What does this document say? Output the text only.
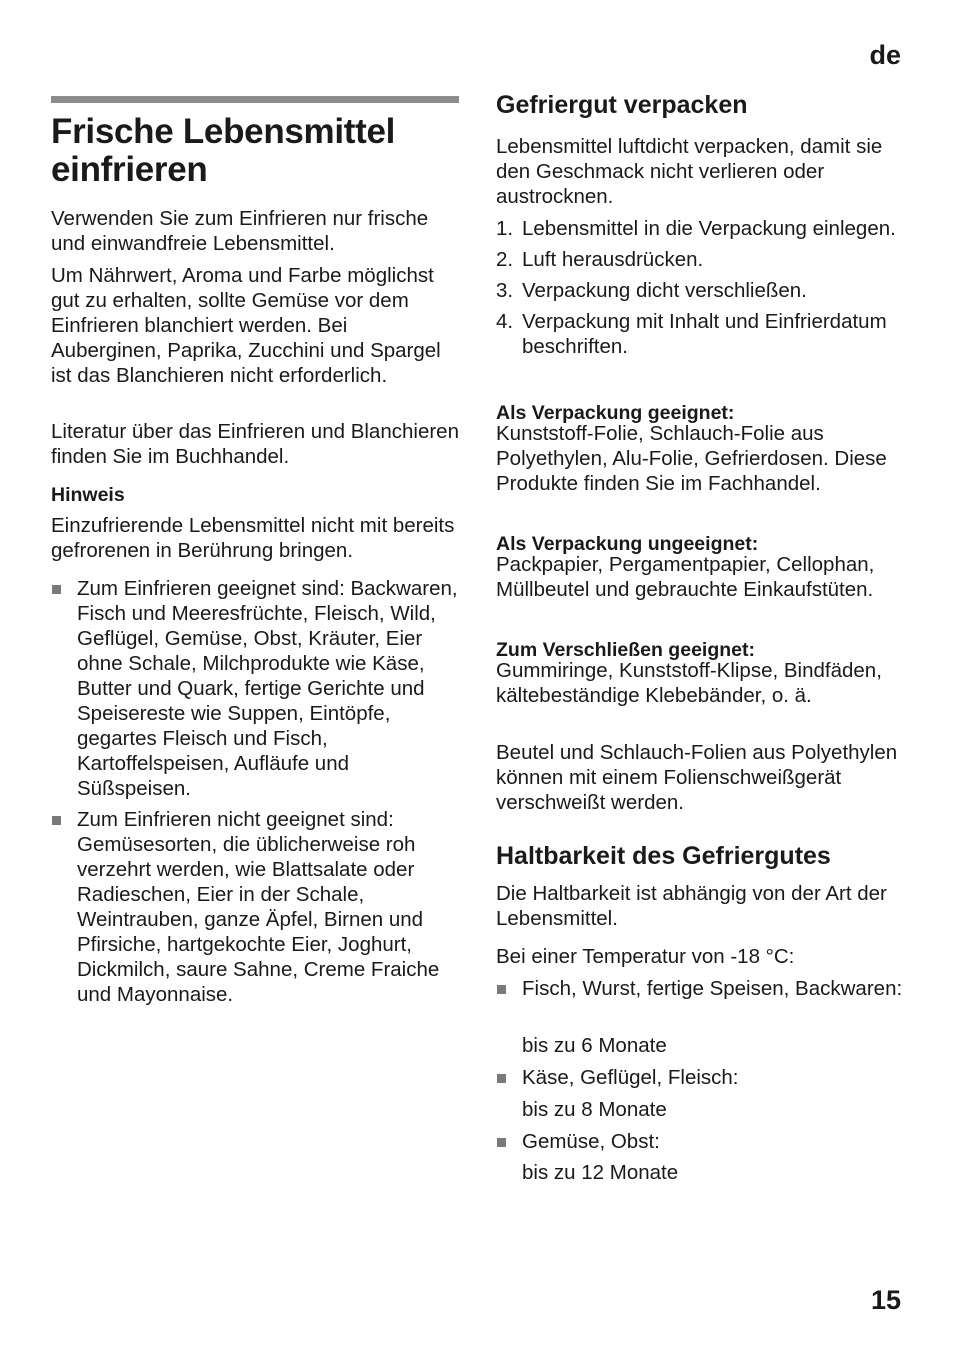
de
Frische Lebensmittel einfrieren

Verwenden Sie zum Einfrieren nur frische und einwandfreie Lebensmittel.

Um Nährwert, Aroma und Farbe möglichst gut zu erhalten, sollte Gemüse vor dem Einfrieren blanchiert werden. Bei Auberginen, Paprika, Zucchini und Spargel ist das Blanchieren nicht erforderlich.

Literatur über das Einfrieren und Blanchieren finden Sie im Buchhandel.

Hinweis

Einzufrierende Lebensmittel nicht mit bereits gefrorenen in Berührung bringen.

Zum Einfrieren geeignet sind: Backwaren, Fisch und Meeresfrüchte, Fleisch, Wild, Geflügel, Gemüse, Obst, Kräuter, Eier ohne Schale, Milchprodukte wie Käse, Butter und Quark, fertige Gerichte und Speisereste wie Suppen, Eintöpfe, gegartes Fleisch und Fisch, Kartoffelspeisen, Aufläufe und Süßspeisen.
Zum Einfrieren nicht geeignet sind: Gemüsesorten, die üblicherweise roh verzehrt werden, wie Blattsalate oder Radieschen, Eier in der Schale, Weintrauben, ganze Äpfel, Birnen und Pfirsiche, hartgekochte Eier, Joghurt, Dickmilch, saure Sahne, Creme Fraiche und Mayonnaise.
Gefriergut verpacken

Lebensmittel luftdicht verpacken, damit sie den Geschmack nicht verlieren oder austrocknen.

1. Lebensmittel in die Verpackung einlegen.
2. Luft herausdrücken.
3. Verpackung dicht verschließen.
4. Verpackung mit Inhalt und Einfrierdatum beschriften.
Als Verpackung geeignet:

Kunststoff-Folie, Schlauch-Folie aus Polyethylen, Alu-Folie, Gefrierdosen. Diese Produkte finden Sie im Fachhandel.

Als Verpackung ungeeignet:

Packpapier, Pergamentpapier, Cellophan, Müllbeutel und gebrauchte Einkaufstüten.

Zum Verschließen geeignet:

Gummiringe, Kunststoff-Klipse, Bindfäden, kältebeständige Klebebänder, o. ä.

Beutel und Schlauch-Folien aus Polyethylen können mit einem Folienschweißgerät verschweißt werden.

Haltbarkeit des Gefriergutes

Die Haltbarkeit ist abhängig von der Art der Lebensmittel.

Bei einer Temperatur von -18 °C:

Fisch, Wurst, fertige Speisen, Backwaren:
bis zu 6 Monate
Käse, Geflügel, Fleisch:
bis zu 8 Monate
Gemüse, Obst:
bis zu 12 Monate
15
